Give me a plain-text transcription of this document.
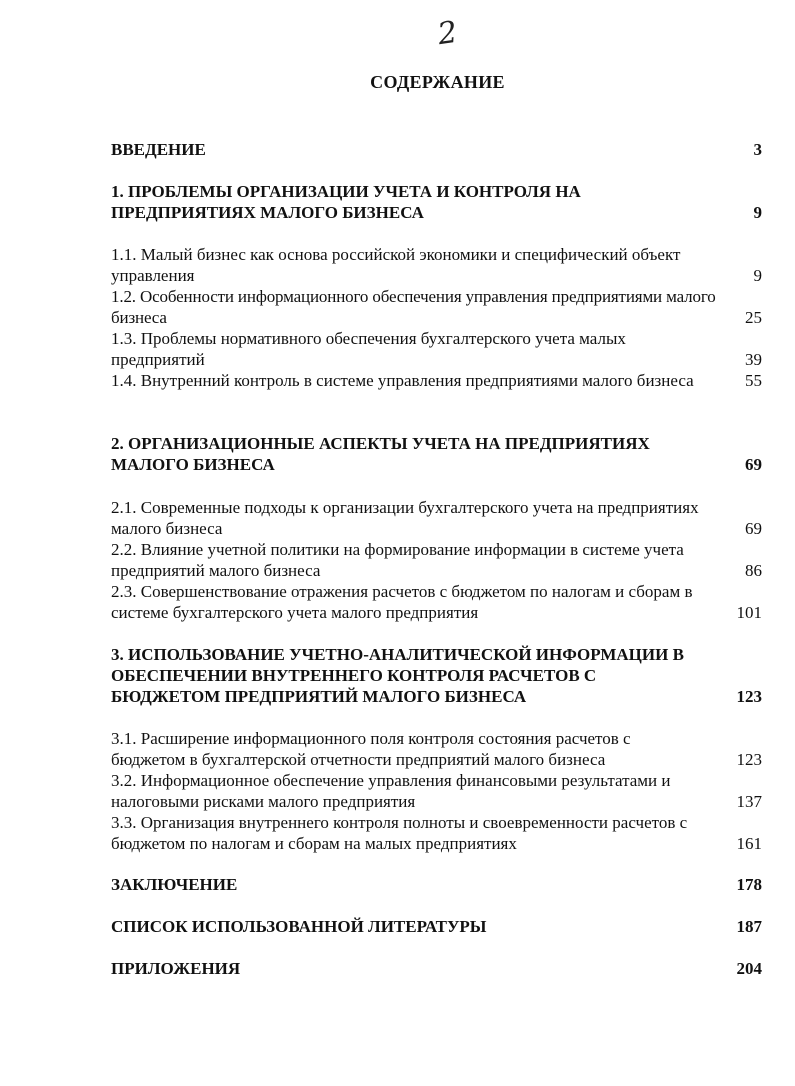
2
СОДЕРЖАНИЕ
ВВЕДЕНИЕ	3
1. ПРОБЛЕМЫ ОРГАНИЗАЦИИ УЧЕТА И КОНТРОЛЯ НА ПРЕДПРИЯТИЯХ МАЛОГО БИЗНЕСА	9
1.1. Малый бизнес как основа российской экономики и специфический объект управления	9
1.2. Особенности информационного обеспечения управления предприятиями малого бизнеса	25
1.3. Проблемы нормативного обеспечения бухгалтерского учета малых предприятий	39
1.4. Внутренний контроль в системе управления предприятиями малого бизнеса	55
2. ОРГАНИЗАЦИОННЫЕ АСПЕКТЫ УЧЕТА НА ПРЕДПРИЯТИЯХ МАЛОГО БИЗНЕСА	69
2.1. Современные подходы к организации бухгалтерского учета на предприятиях малого бизнеса	69
2.2. Влияние учетной политики на формирование информации в системе учета предприятий малого бизнеса	86
2.3. Совершенствование отражения расчетов с бюджетом по налогам и сборам в системе бухгалтерского учета малого предприятия	101
3. ИСПОЛЬЗОВАНИЕ УЧЕТНО-АНАЛИТИЧЕСКОЙ ИНФОРМАЦИИ В ОБЕСПЕЧЕНИИ ВНУТРЕННЕГО КОНТРОЛЯ РАСЧЕТОВ С БЮДЖЕТОМ ПРЕДПРИЯТИЙ МАЛОГО БИЗНЕСА	123
3.1. Расширение информационного поля контроля состояния расчетов с бюджетом в бухгалтерской отчетности предприятий малого бизнеса	123
3.2. Информационное обеспечение управления финансовыми результатами и налоговыми рисками малого предприятия	137
3.3. Организация внутреннего контроля полноты и своевременности расчетов с бюджетом по налогам и сборам на малых предприятиях	161
ЗАКЛЮЧЕНИЕ	178
СПИСОК ИСПОЛЬЗОВАННОЙ ЛИТЕРАТУРЫ	187
ПРИЛОЖЕНИЯ	204
